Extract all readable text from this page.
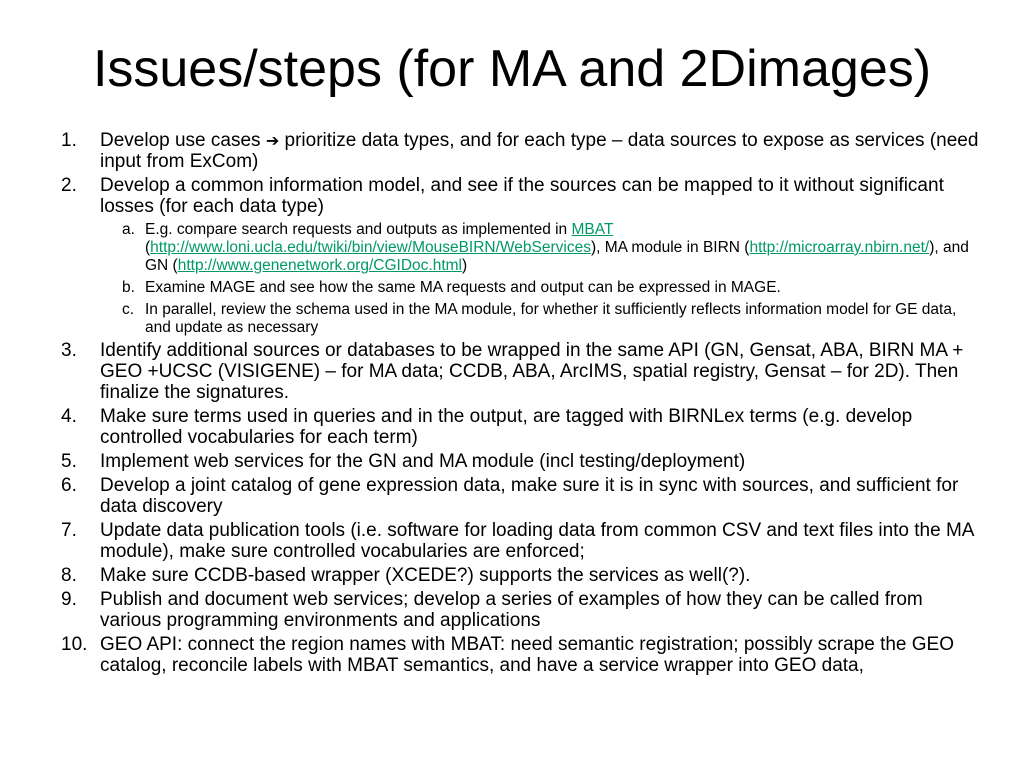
Issues/steps (for MA and 2Dimages)
1. Develop use cases ➔ prioritize data types, and for each type – data sources to expose as services (need input from ExCom)
2. Develop a common information model, and see if the sources can be mapped to it without significant losses (for each data type)
a. E.g. compare search requests and outputs as implemented in MBAT (http://www.loni.ucla.edu/twiki/bin/view/MouseBIRN/WebServices), MA module in BIRN (http://microarray.nbirn.net/), and GN (http://www.genenetwork.org/CGIDoc.html)
b. Examine MAGE and see how the same MA requests and output can be expressed in MAGE.
c. In parallel, review the schema used in the MA module, for whether it sufficiently reflects information model for GE data, and update as necessary
3. Identify additional sources or databases to be wrapped in the same API (GN, Gensat, ABA, BIRN MA + GEO +UCSC (VISIGENE) – for MA data; CCDB, ABA, ArcIMS, spatial registry, Gensat – for 2D). Then finalize the signatures.
4. Make sure terms used in queries and in the output, are tagged with BIRNLex terms (e.g. develop controlled vocabularies for each term)
5. Implement web services for the GN and MA module (incl testing/deployment)
6. Develop a joint catalog of gene expression data, make sure it is in sync with sources, and sufficient for data discovery
7. Update data publication tools (i.e. software for loading data from common CSV and text files into the MA module), make sure controlled vocabularies are enforced;
8. Make sure CCDB-based wrapper (XCEDE?) supports the services as well(?).
9. Publish and document web services; develop a series of examples of how they can be called from various programming environments and applications
10. GEO API: connect the region names with MBAT: need semantic registration; possibly scrape the GEO catalog, reconcile labels with MBAT semantics, and have a service wrapper into GEO data,
